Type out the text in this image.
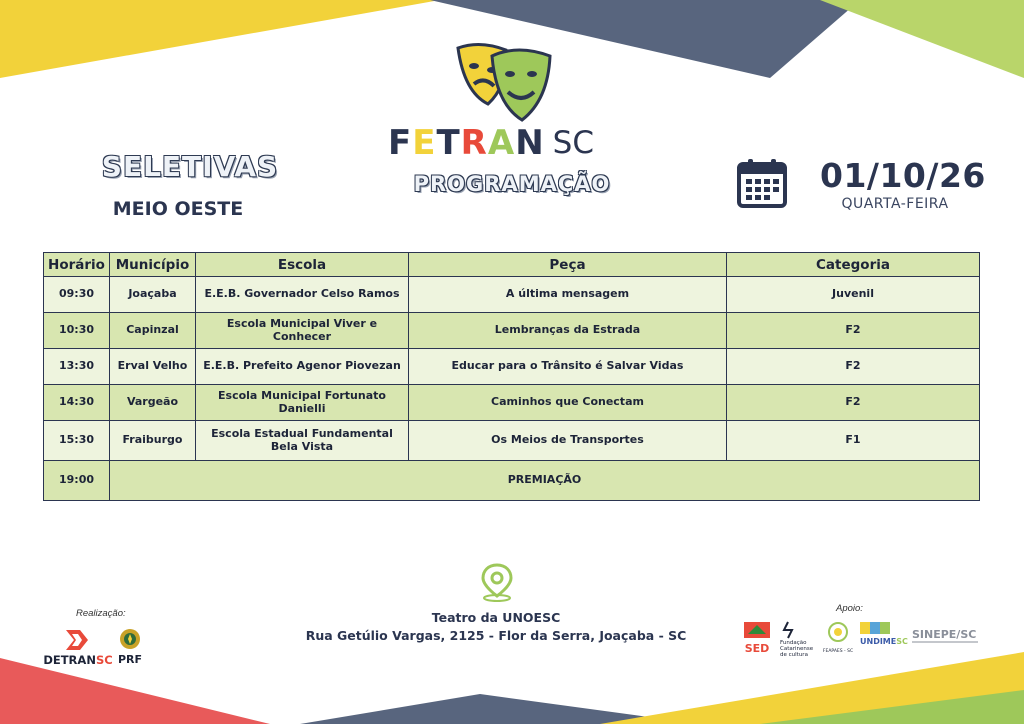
FETRAN SC
SELETIVAS
MEIO OESTE
PROGRAMAÇÃO	01/10/26
QUARTA-FEIRA
Horário	Município	Escola	Peça	Categoria
09:30	Joaçaba	E.E.B. Governador Celso Ramos	A última mensagem	Juvenil
10:30	Capinzal	Escola Municipal Viver e Conhecer	Lembranças da Estrada	F2
13:30	Erval Velho	E.E.B. Prefeito Agenor Piovezan	Educar para o Trânsito é Salvar Vidas	F2
14:30	Vargeão	Escola Municipal Fortunato Danielli	Caminhos que Conectam	F2
15:30	Fraiburgo	Escola Estadual Fundamental Bela Vista	Os Meios de Transportes	F1
19:00	PREMIAÇÃO			
Teatro da UNOESC
Rua Getúlio Vargas, 2125 - Flor da Serra, Joaçaba - SC
Realização:	Apoio:
DETRANSC PRF
SED Fundação
Catarinense
de cultura
FEAPAES - SC
UNDIMESC
SINEPE/SC
